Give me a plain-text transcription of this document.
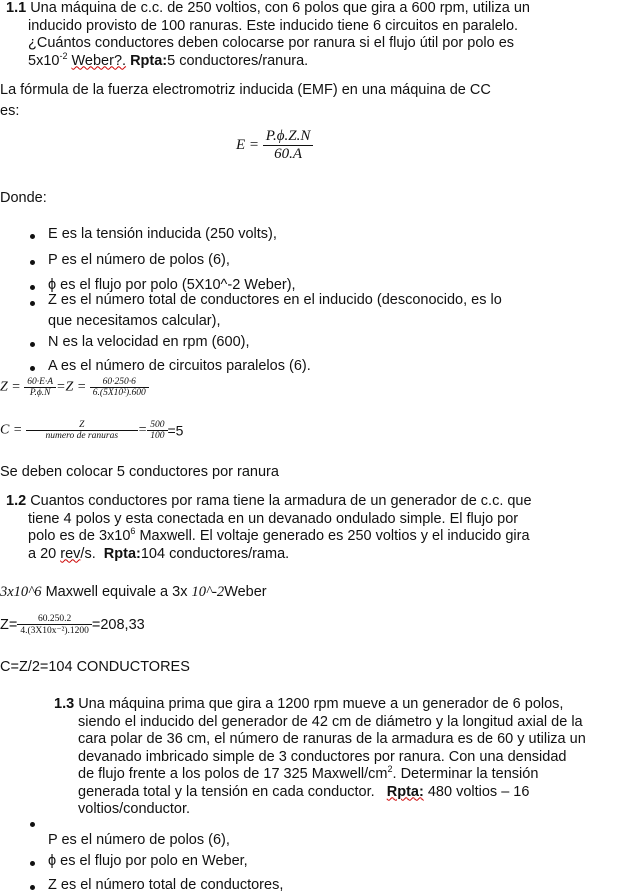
1.1 Una máquina de c.c. de 250 voltios, con 6 polos que gira a 600 rpm, utiliza un
inducido provisto de 100 ranuras. Este inducido tiene 6 circuitos en paralelo.
¿Cuántos conductores deben colocarse por ranura si el flujo útil por polo es
$5x10^{-2}$ Weber?. Rpta:5 conductores/ranura.
La fórmula de la fuerza electromotriz inducida (EMF) en una máquina de CC
es:
$E = \frac{P.\phi.Z.N}{60.A}$
Donde:
E es la tensión inducida (250 volts),
P es el número de polos (6),
ϕ es el flujo por polo (5X10^-2 Weber),
Z es el número total de conductores en el inducido (desconocido, es lo
que necesitamos calcular),
N es la velocidad en rpm (600),
A es el número de circuitos paralelos (6).
$Z = \frac{60\cdot E\cdot A}{P.\phi.N} =Z = \frac{60\cdot 250\cdot 6}{\text{6.(5X10²).600}}$
$C = \frac{Z}{\text{numero de ranuras}} = \frac{500}{100} =5$
Se deben colocar 5 conductores por ranura
1.2 Cuantos conductores por rama tiene la armadura de un generador de c.c. que
tiene 4 polos y esta conectada en un devanado ondulado simple. El flujo por
polo es de $3x10^6$ Maxwell. El voltaje generado es 250 voltios y el inducido gira
a 20 rev/s. Rpta:104 conductores/rama.
3x10^6 Maxwell equivale a 3x 10^-2Weber
$Z= \frac{60.250.2}{\text{4.(3X10x⁻²).1200}} =208,33$
C=Z/2=104 CONDUCTORES
1.3 Una máquina prima que gira a 1200 rpm mueve a un generador de 6 polos,
siendo el inducido del generador de 42 cm de diámetro y la longitud axial de la
cara polar de 36 cm, el número de ranuras de la armadura es de 60 y utiliza un
devanado imbricado simple de 3 conductores por ranura. Con una densidad
de flujo frente a los polos de 17 325 Maxwell/$cm^2$. Determinar la tensión
generada total y la tensión en cada conductor. Rpta: 480 voltios – 16
voltios/conductor.
P es el número de polos (6),
ϕ es el flujo por polo en Weber,
Z es el número total de conductores,
